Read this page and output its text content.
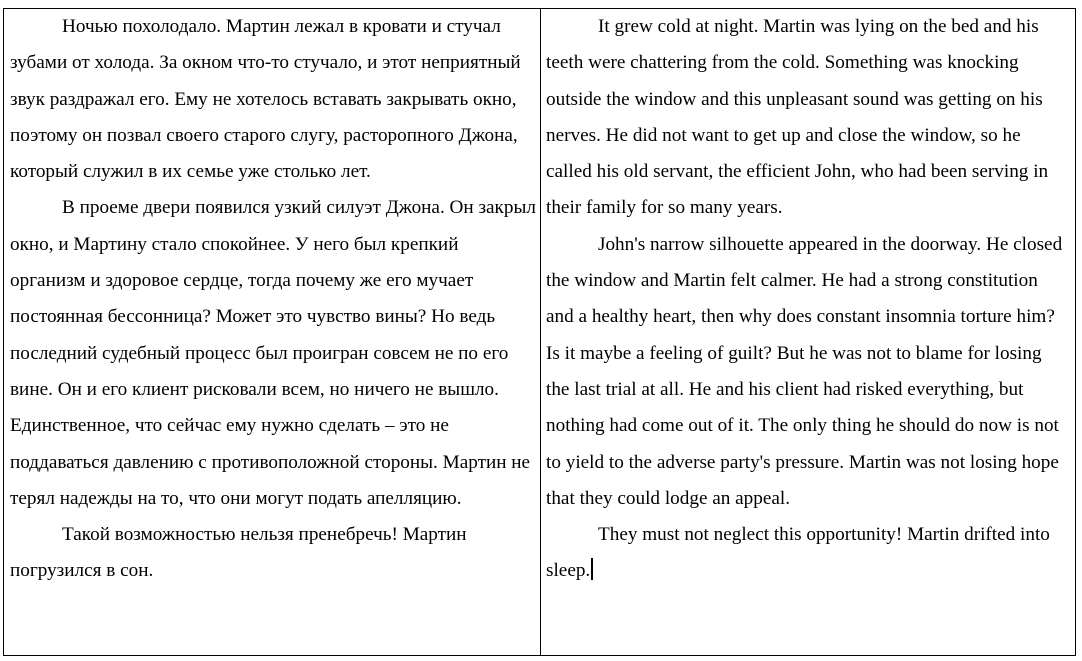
Ночью похолодало. Мартин лежал в кровати и стучал зубами от холода. За окном что-то стучало, и этот неприятный звук раздражал его. Ему не хотелось вставать закрывать окно, поэтому он позвал своего старого слугу, расторопного Джона, который служил в их семье уже столько лет.

В проеме двери появился узкий силуэт Джона. Он закрыл окно, и Мартину стало спокойнее. У него был крепкий организм и здоровое сердце, тогда почему же его мучает постоянная бессонница? Может это чувство вины? Но ведь последний судебный процесс был проигран совсем не по его вине. Он и его клиент рисковали всем, но ничего не вышло. Единственное, что сейчас ему нужно сделать – это не поддаваться давлению с противоположной стороны. Мартин не терял надежды на то, что они могут подать апелляцию.

Такой возможностью нельзя пренебречь! Мартин погрузился в сон.

It grew cold at night. Martin was lying on the bed and his teeth were chattering from the cold. Something was knocking outside the window and this unpleasant sound was getting on his nerves. He did not want to get up and close the window, so he called his old servant, the efficient John, who had been serving in their family for so many years.

John's narrow silhouette appeared in the doorway. He closed the window and Martin felt calmer. He had a strong constitution and a healthy heart, then why does constant insomnia torture him? Is it maybe a feeling of guilt? But he was not to blame for losing the last trial at all. He and his client had risked everything, but nothing had come out of it. The only thing he should do now is not to yield to the adverse party's pressure. Martin was not losing hope that they could lodge an appeal.

They must not neglect this opportunity! Martin drifted into sleep.
